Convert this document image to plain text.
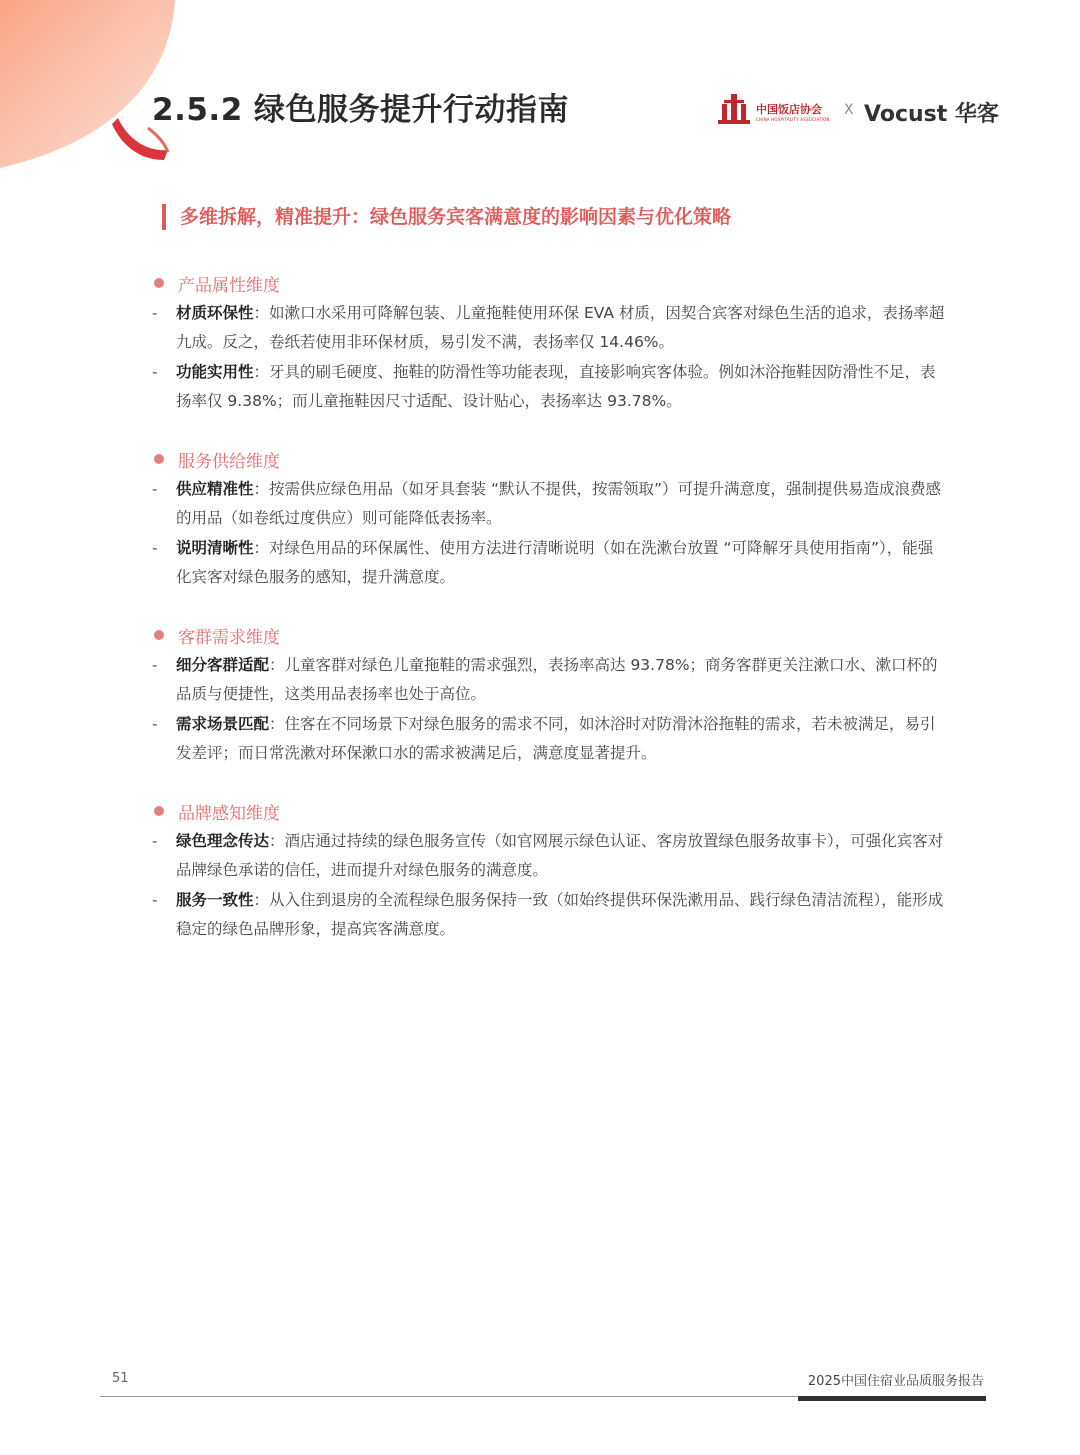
2.5.2 绿色服务提升行动指南	中国饭店协会
CHINA HOSPITALITY ASSOCIATION
X Vocust 华客
多维拆解，精准提升：绿色服务宾客满意度的影响因素与优化策略
产品属性维度
-	材质环保性：如漱口水采用可降解包装、儿童拖鞋使用环保 EVA 材质，因契合宾客对绿色生活的追求，表扬率超九成。反之，卷纸若使用非环保材质，易引发不满，表扬率仅 14.46%。
-	功能实用性：牙具的刷毛硬度、拖鞋的防滑性等功能表现，直接影响宾客体验。例如沐浴拖鞋因防滑性不足，表扬率仅 9.38%；而儿童拖鞋因尺寸适配、设计贴心，表扬率达 93.78%。
服务供给维度
-	供应精准性：按需供应绿色用品（如牙具套装 “默认不提供，按需领取”）可提升满意度，强制提供易造成浪费感的用品（如卷纸过度供应）则可能降低表扬率。
-	说明清晰性：对绿色用品的环保属性、使用方法进行清晰说明（如在洗漱台放置 “可降解牙具使用指南”），能强化宾客对绿色服务的感知，提升满意度。
客群需求维度
-	细分客群适配：儿童客群对绿色儿童拖鞋的需求强烈，表扬率高达 93.78%；商务客群更关注漱口水、漱口杯的品质与便捷性，这类用品表扬率也处于高位。
-	需求场景匹配：住客在不同场景下对绿色服务的需求不同，如沐浴时对防滑沐浴拖鞋的需求，若未被满足，易引发差评；而日常洗漱对环保漱口水的需求被满足后，满意度显著提升。
品牌感知维度
-	绿色理念传达：酒店通过持续的绿色服务宣传（如官网展示绿色认证、客房放置绿色服务故事卡），可强化宾客对品牌绿色承诺的信任，进而提升对绿色服务的满意度。
-	服务一致性：从入住到退房的全流程绿色服务保持一致（如始终提供环保洗漱用品、践行绿色清洁流程），能形成稳定的绿色品牌形象，提高宾客满意度。
51	2025中国住宿业品质服务报告
